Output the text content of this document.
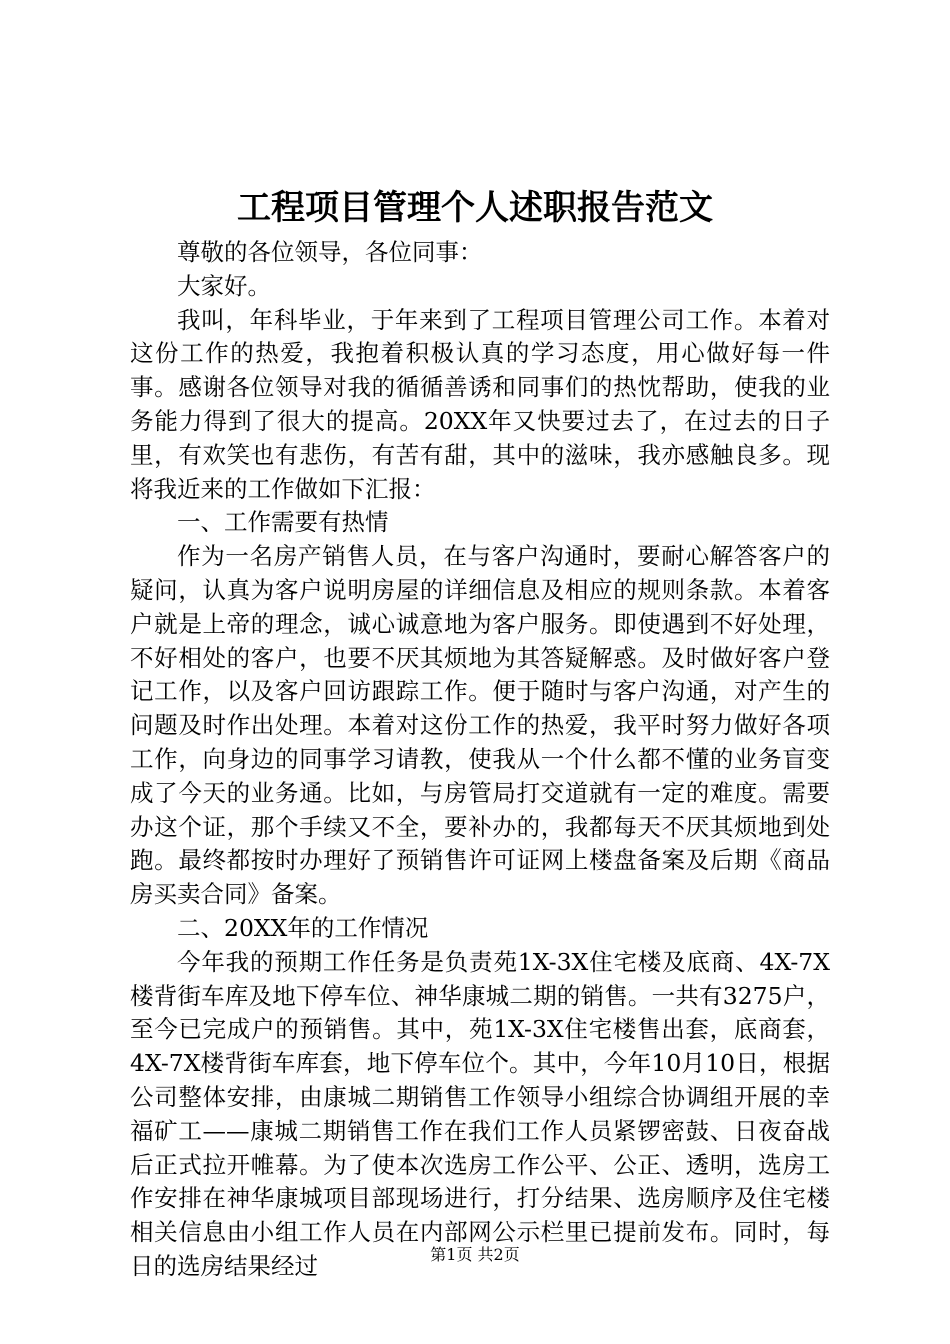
工程项目管理个人述职报告范文

尊敬的各位领导，各位同事：

大家好。

我叫，年科毕业，于年来到了工程项目管理公司工作。本着对这份工作的热爱，我抱着积极认真的学习态度，用心做好每一件事。感谢各位领导对我的循循善诱和同事们的热忱帮助，使我的业务能力得到了很大的提高。20XX年又快要过去了，在过去的日子里，有欢笑也有悲伤，有苦有甜，其中的滋味，我亦感触良多。现将我近来的工作做如下汇报：

一、工作需要有热情

作为一名房产销售人员，在与客户沟通时，要耐心解答客户的疑问，认真为客户说明房屋的详细信息及相应的规则条款。本着客户就是上帝的理念，诚心诚意地为客户服务。即使遇到不好处理，不好相处的客户，也要不厌其烦地为其答疑解惑。及时做好客户登记工作，以及客户回访跟踪工作。便于随时与客户沟通，对产生的问题及时作出处理。本着对这份工作的热爱，我平时努力做好各项工作，向身边的同事学习请教，使我从一个什么都不懂的业务盲变成了今天的业务通。比如，与房管局打交道就有一定的难度。需要办这个证，那个手续又不全，要补办的，我都每天不厌其烦地到处跑。最终都按时办理好了预销售许可证网上楼盘备案及后期《商品房买卖合同》备案。

二、20XX年的工作情况

今年我的预期工作任务是负责苑1X-3X住宅楼及底商、4X-7X楼背街车库及地下停车位、神华康城二期的销售。一共有3275户，至今已完成户的预销售。其中，苑1X-3X住宅楼售出套，底商套，4X-7X楼背街车库套，地下停车位个。其中，今年10月10日，根据公司整体安排，由康城二期销售工作领导小组综合协调组开展的幸福矿工——康城二期销售工作在我们工作人员紧锣密鼓、日夜奋战后正式拉开帷幕。为了使本次选房工作公平、公正、透明，选房工作安排在神华康城项目部现场进行，打分结果、选房顺序及住宅楼相关信息由小组工作人员在内部网公示栏里已提前发布。同时，每日的选房结果经过	第1页 共2页
